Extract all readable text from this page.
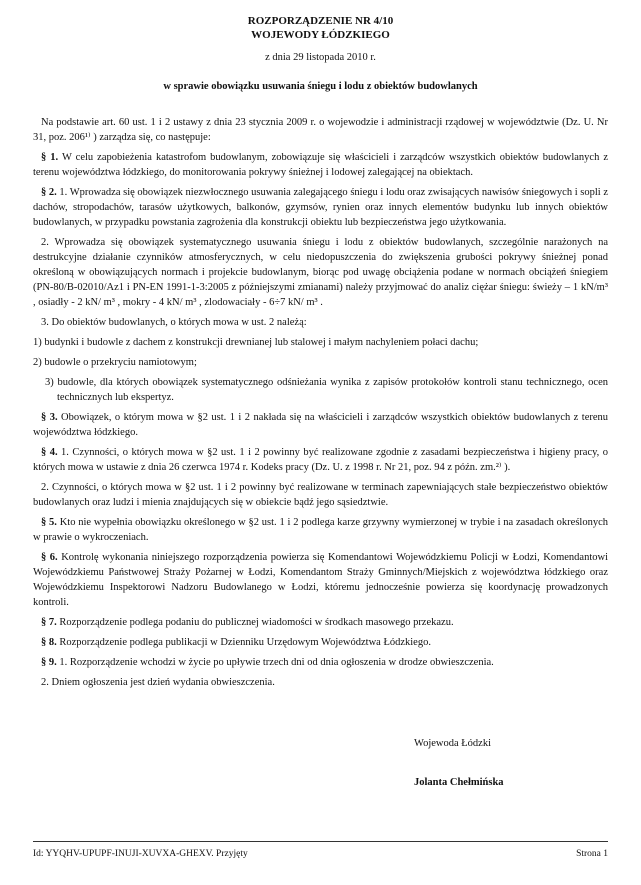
ROZPORZĄDZENIE NR 4/10
WOJEWODY ŁÓDZKIEGO
z dnia 29 listopada 2010 r.
w sprawie obowiązku usuwania śniegu i lodu z obiektów budowlanych

Na podstawie art. 60 ust. 1 i 2 ustawy z dnia 23 stycznia 2009 r. o wojewodzie i administracji rządowej w województwie (Dz. U. Nr 31, poz. 206¹⁾ ) zarządza się, co następuje:

§ 1. W celu zapobieżenia katastrofom budowlanym, zobowiązuje się właścicieli i zarządców wszystkich obiektów budowlanych z terenu województwa łódzkiego, do monitorowania pokrywy śnieżnej i lodowej zalegającej na obiektach.

§ 2. 1. Wprowadza się obowiązek niezwłocznego usuwania zalegającego śniegu i lodu oraz zwisających nawisów śniegowych i sopli z dachów, stropodachów, tarasów użytkowych, balkonów, gzymsów, rynien oraz innych elementów budynku lub innych obiektów budowlanych, w przypadku powstania zagrożenia dla konstrukcji obiektu lub bezpieczeństwa jego użytkowania.

2. Wprowadza się obowiązek systematycznego usuwania śniegu i lodu z obiektów budowlanych, szczególnie narażonych na destrukcyjne działanie czynników atmosferycznych, w celu niedopuszczenia do zwiększenia grubości pokrywy śnieżnej ponad określoną w obowiązujących normach i projekcie budowlanym, biorąc pod uwagę obciążenia podane w normach obciążeń śniegiem (PN-80/B-02010/Az1 i PN-EN 1991-1-3:2005 z późniejszymi zmianami) należy przyjmować do analiz ciężar śniegu: świeży – 1 kN/m³ , osiadły - 2 kN/ m³ , mokry - 4 kN/ m³ , zlodowaciały - 6÷7 kN/ m³ .

3. Do obiektów budowlanych, o których mowa w ust. 2 należą:

1) budynki i budowle z dachem z konstrukcji drewnianej lub stalowej i małym nachyleniem połaci dachu;

2) budowle o przekryciu namiotowym;

3) budowle, dla których obowiązek systematycznego odśnieżania wynika z zapisów protokołów kontroli stanu technicznego, ocen technicznych lub ekspertyz.

§ 3. Obowiązek, o którym mowa w §2 ust. 1 i 2 nakłada się na właścicieli i zarządców wszystkich obiektów budowlanych z terenu województwa łódzkiego.

§ 4. 1. Czynności, o których mowa w §2 ust. 1 i 2 powinny być realizowane zgodnie z zasadami bezpieczeństwa i higieny pracy, o których mowa w ustawie z dnia 26 czerwca 1974 r. Kodeks pracy (Dz. U. z 1998 r. Nr 21, poz. 94 z późn. zm.²⁾ ).

2. Czynności, o których mowa w §2 ust. 1 i 2 powinny być realizowane w terminach zapewniających stałe bezpieczeństwo obiektów budowlanych oraz ludzi i mienia znajdujących się w obiekcie bądź jego sąsiedztwie.

§ 5. Kto nie wypełnia obowiązku określonego w §2 ust. 1 i 2 podlega karze grzywny wymierzonej w trybie i na zasadach określonych w prawie o wykroczeniach.

§ 6. Kontrolę wykonania niniejszego rozporządzenia powierza się Komendantowi Wojewódzkiemu Policji w Łodzi, Komendantowi Wojewódzkiemu Państwowej Straży Pożarnej w Łodzi, Komendantom Straży Gminnych/Miejskich z województwa łódzkiego oraz Wojewódzkiemu Inspektorowi Nadzoru Budowlanego w Łodzi, któremu jednocześnie powierza się koordynację prowadzonych kontroli.

§ 7. Rozporządzenie podlega podaniu do publicznej wiadomości w środkach masowego przekazu.

§ 8. Rozporządzenie podlega publikacji w Dzienniku Urzędowym Województwa Łódzkiego.

§ 9. 1. Rozporządzenie wchodzi w życie po upływie trzech dni od dnia ogłoszenia w drodze obwieszczenia.

2. Dniem ogłoszenia jest dzień wydania obwieszczenia.

Wojewoda Łódzki
Jolanta Chełmińska
Id: YYQHV-UPUPF-INUJI-XUVXA-GHEXV. Przyjęty	Strona 1
